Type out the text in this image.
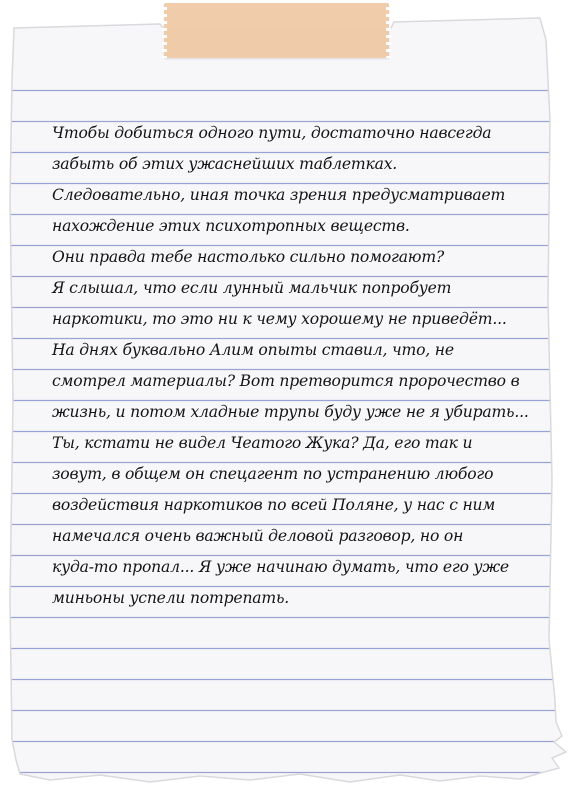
Чтобы добиться одного пути, достаточно навсегда
забыть об этих ужаснейших таблетках.
Следовательно, иная точка зрения предусматривает
нахождение этих психотропных веществ.
Они правда тебе настолько сильно помогают?
Я слышал, что если лунный мальчик попробует
наркотики, то это ни к чему хорошему не приведёт...
На днях буквально Алим опыты ставил, что, не
смотрел материалы? Вот претворится пророчество в
жизнь, и потом хладные трупы буду уже не я убирать...
Ты, кстати не видел Чеатого Жука? Да, его так и
зовут, в общем он спецагент по устранению любого
воздействия наркотиков по всей Поляне, у нас с ним
намечался очень важный деловой разговор, но он
куда-то пропал... Я уже начинаю думать, что его уже
миньоны успели потрепать.
